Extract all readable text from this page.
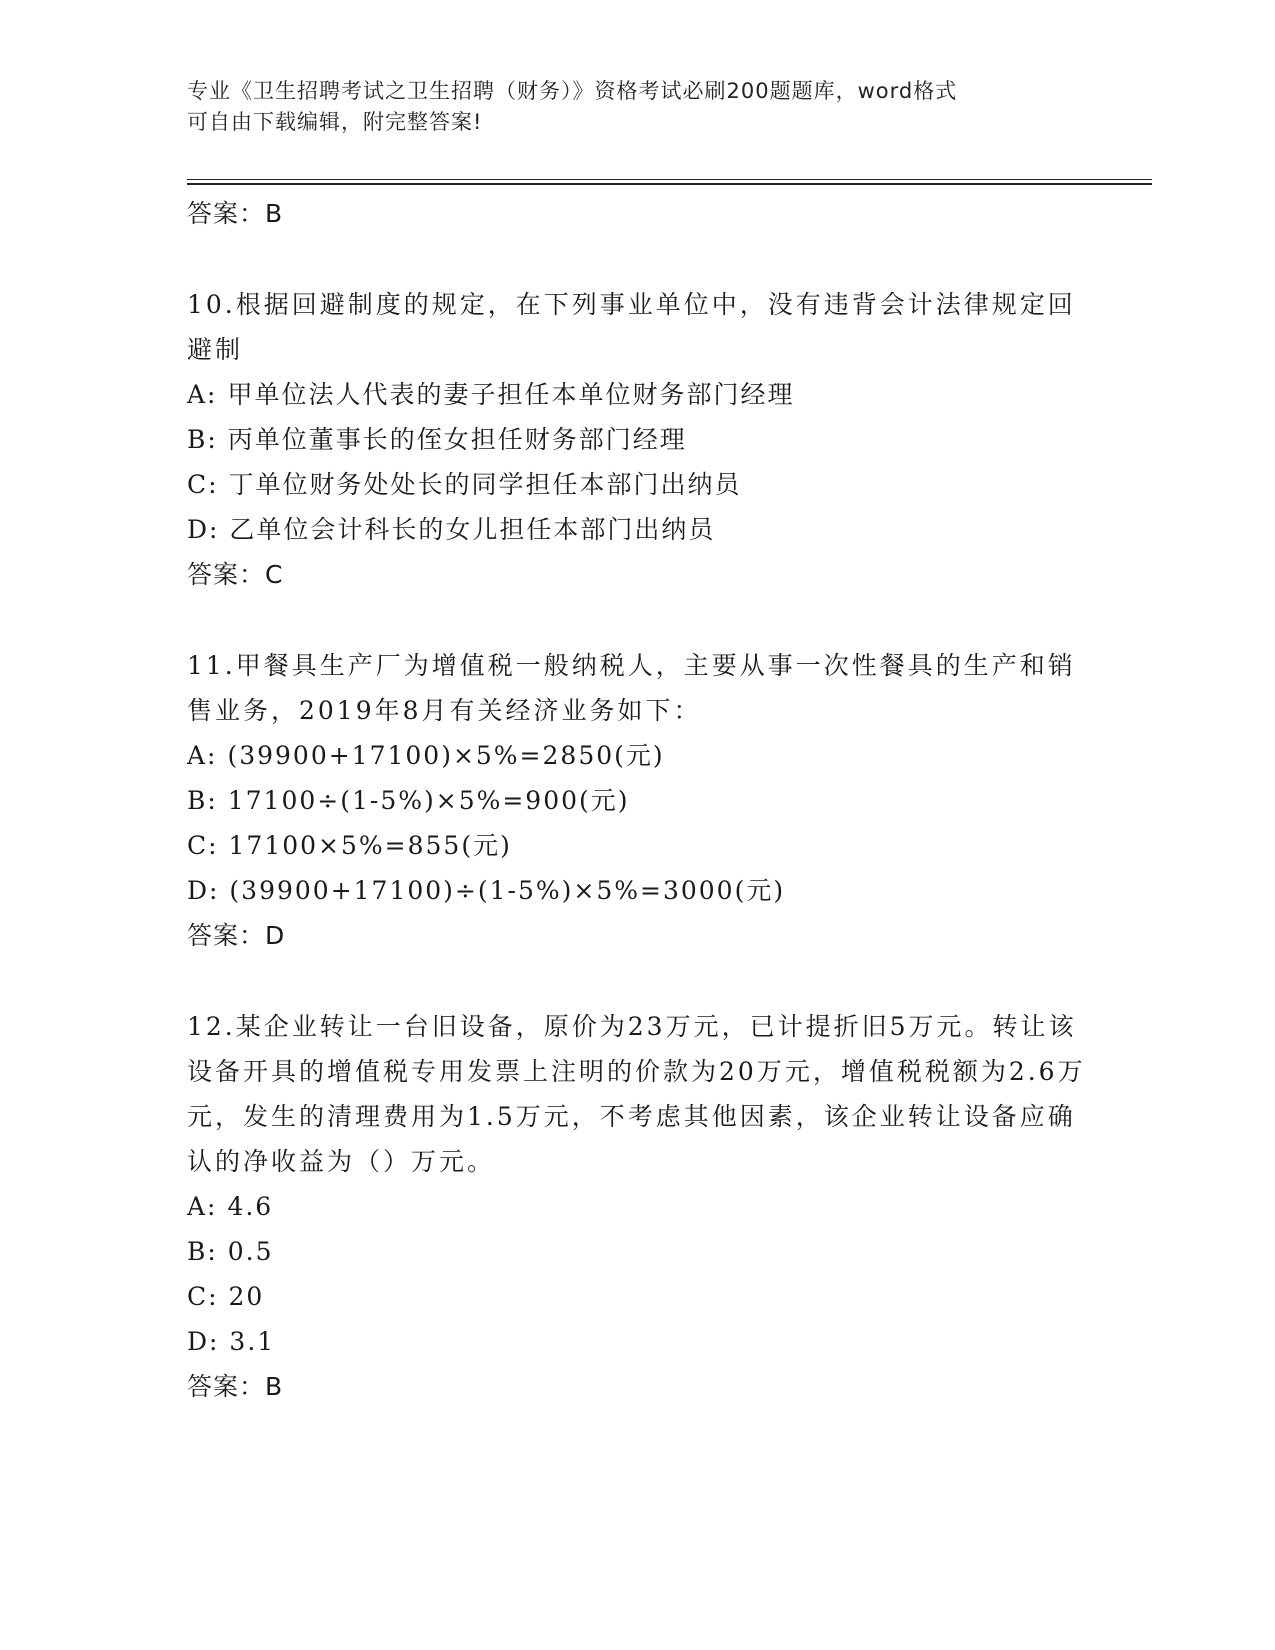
专业《卫生招聘考试之卫生招聘（财务）》资格考试必刷200题题库，word格式
可自由下载编辑，附完整答案!
答案：B
10.根据回避制度的规定，在下列事业单位中，没有违背会计法律规定回避制
A: 甲单位法人代表的妻子担任本单位财务部门经理
B: 丙单位董事长的侄女担任财务部门经理
C: 丁单位财务处处长的同学担任本部门出纳员
D: 乙单位会计科长的女儿担任本部门出纳员
答案：C
11.甲餐具生产厂为增值税一般纳税人，主要从事一次性餐具的生产和销售业务，2019年8月有关经济业务如下：
A: (39900+17100)×5%=2850(元)
B: 17100÷(1-5%)×5%=900(元)
C: 17100×5%=855(元)
D: (39900+17100)÷(1-5%)×5%=3000(元)
答案：D
12.某企业转让一台旧设备，原价为23万元，已计提折旧5万元。转让该设备开具的增值税专用发票上注明的价款为20万元，增值税税额为2.6万元，发生的清理费用为1.5万元，不考虑其他因素，该企业转让设备应确认的净收益为（）万元。
A: 4.6
B: 0.5
C: 20
D: 3.1
答案：B
